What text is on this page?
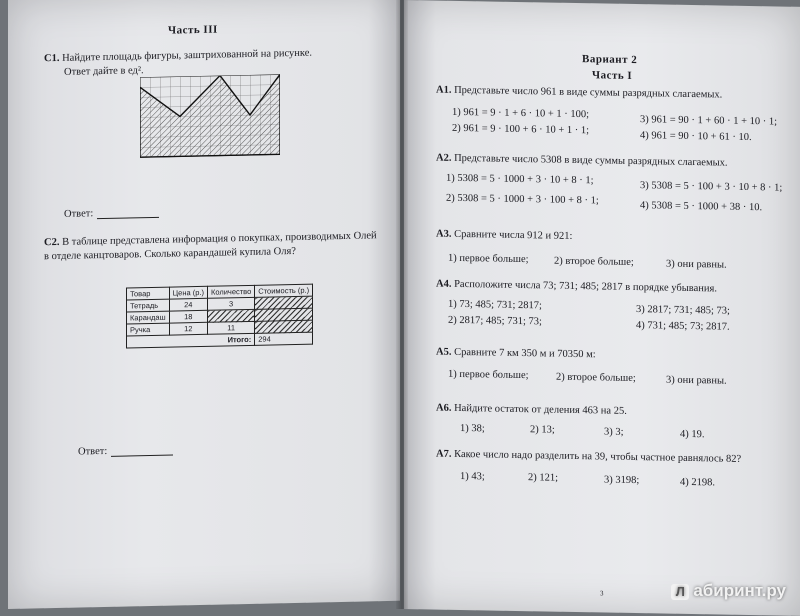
Часть III
С1. Найдите площадь фигуры, заштрихованной на рисунке.
Ответ дайте в ед².
Ответ:
С2. В таблице представлена информация о покупках, производимых Олей
в отделе канцтоваров. Сколько карандашей купила Оля?
Товар	Цена (р.)	Количество	Стоимость (р.)
Тетрадь	24	3	
Карандаш	18		
Ручка	12	11	
Итого:			294
Ответ:
Вариант 2
Часть I
А1. Представьте число 961 в виде суммы разрядных слагаемых.
1) 961 = 9 · 1 + 6 · 10 + 1 · 100;
3) 961 = 90 · 1 + 60 · 1 + 10 · 1;
2) 961 = 9 · 100 + 6 · 10 + 1 · 1;
4) 961 = 90 · 10 + 61 · 10.
А2. Представьте число 5308 в виде суммы разрядных слагаемых.
1) 5308 = 5 · 1000 + 3 · 10 + 8 · 1;
3) 5308 = 5 · 100 + 3 · 10 + 8 · 1;
2) 5308 = 5 · 1000 + 3 · 100 + 8 · 1;
4) 5308 = 5 · 1000 + 38 · 10.
А3. Сравните числа 912 и 921:
1) первое больше; 2) второе больше;	3) они равны.
А4. Расположите числа 73; 731; 485; 2817 в порядке убывания.
1) 73; 485; 731; 2817;	3) 2817; 731; 485; 73;
2) 2817; 485; 731; 73;	4) 731; 485; 73; 2817.
А5. Сравните 7 км 350 м и 70350 м:
1) первое больше;	2) второе больше;	3) они равны.
А6. Найдите остаток от деления 463 на 25.
1) 38;	2) 13;	3) 3;	4) 19.
А7. Какое число надо разделить на 39, чтобы частное равнялось 82?
1) 43;	2) 121;	3) 3198;	4) 2198.
3	Л абиринт.ру
